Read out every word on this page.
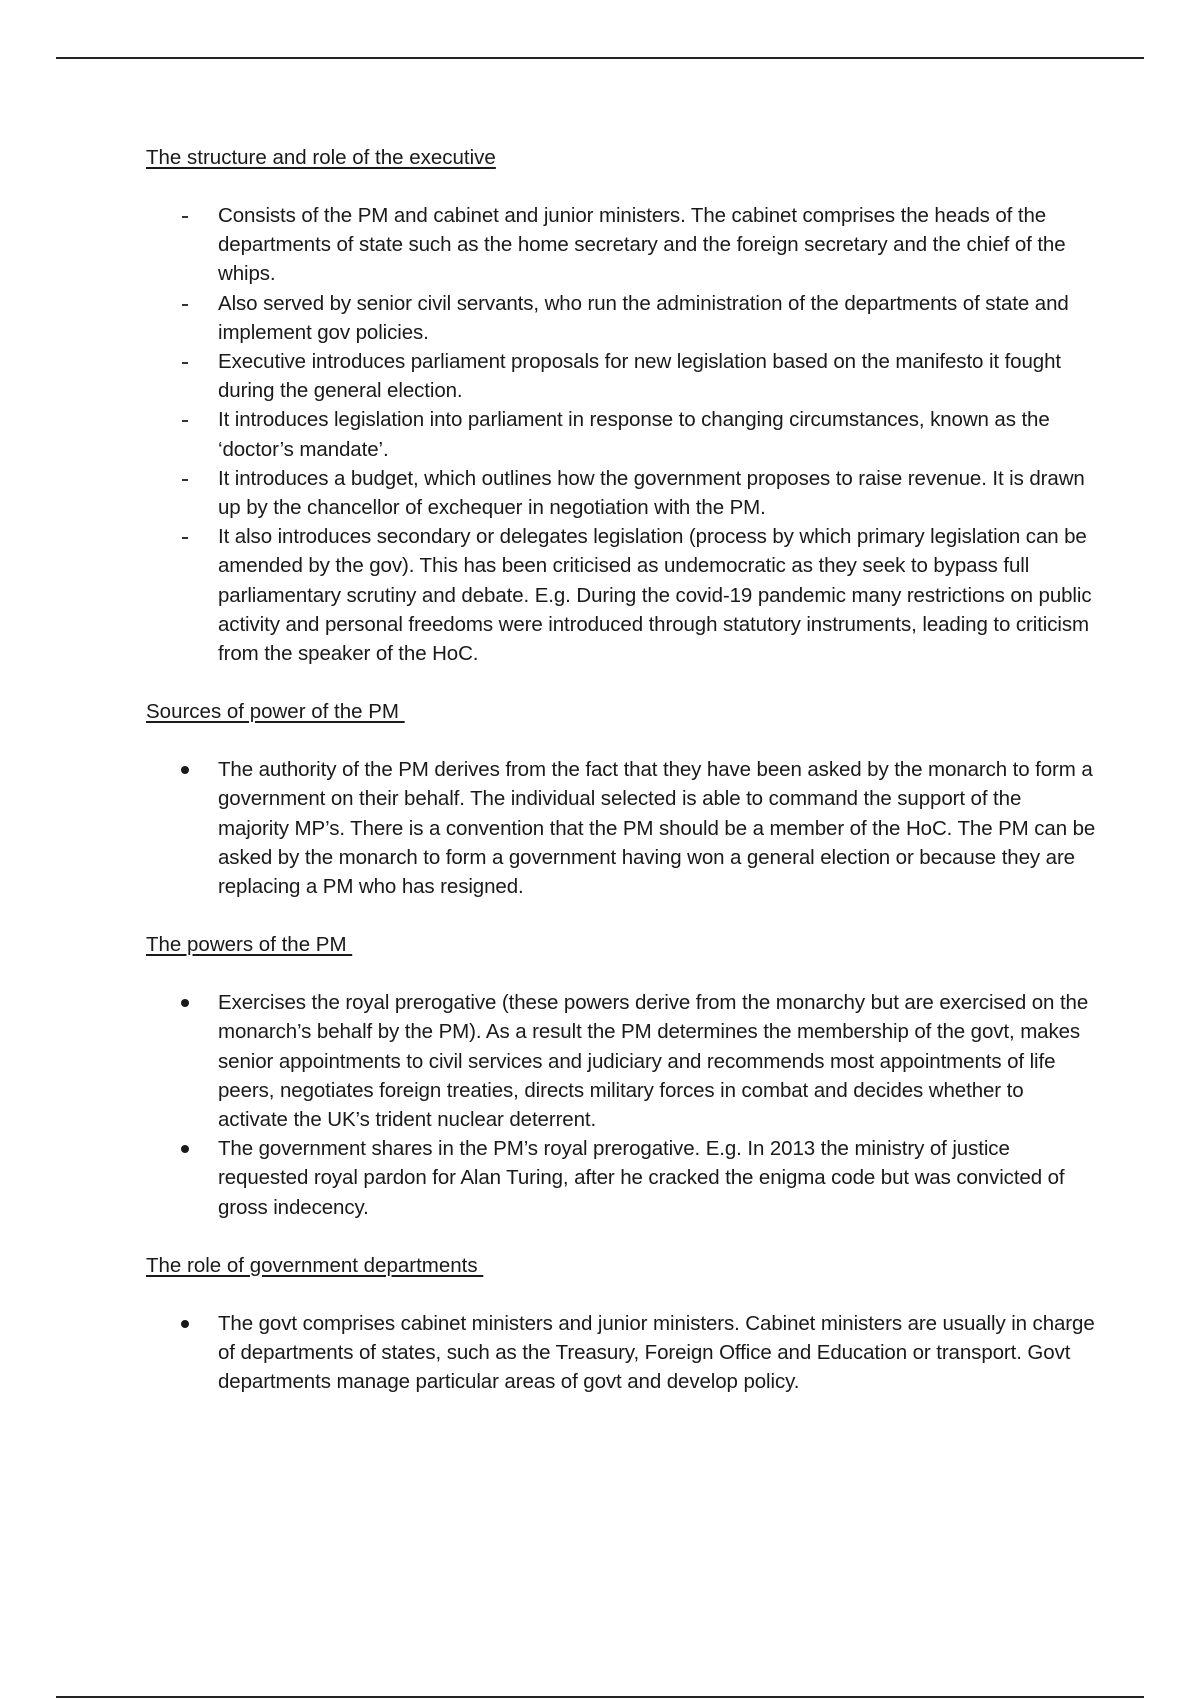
The structure and role of the executive
Consists of the PM and cabinet and junior ministers. The cabinet comprises the heads of the departments of state such as the home secretary and the foreign secretary and the chief of the whips.
Also served by senior civil servants, who run the administration of the departments of state and implement gov policies.
Executive introduces parliament proposals for new legislation based on the manifesto it fought during the general election.
It introduces legislation into parliament in response to changing circumstances, known as the ‘doctor’s mandate’.
It introduces a budget, which outlines how the government proposes to raise revenue. It is drawn up by the chancellor of exchequer in negotiation with the PM.
It also introduces secondary or delegates legislation (process by which primary legislation can be amended by the gov). This has been criticised as undemocratic as they seek to bypass full parliamentary scrutiny and debate. E.g. During the covid-19 pandemic many restrictions on public activity and personal freedoms were introduced through statutory instruments, leading to criticism from the speaker of the HoC.
Sources of power of the PM
The authority of the PM derives from the fact that they have been asked by the monarch to form a government on their behalf. The individual selected is able to command the support of the majority MP’s. There is a convention that the PM should be a member of the HoC. The PM can be asked by the monarch to form a government having won a general election or because they are replacing a PM who has resigned.
The powers of the PM
Exercises the royal prerogative (these powers derive from the monarchy but are exercised on the monarch’s behalf by the PM). As a result the PM determines the membership of the govt, makes senior appointments to civil services and judiciary and recommends most appointments of life peers, negotiates foreign treaties, directs military forces in combat and decides whether to activate the UK’s trident nuclear deterrent.
The government shares in the PM’s royal prerogative. E.g. In 2013 the ministry of justice requested royal pardon for Alan Turing, after he cracked the enigma code but was convicted of gross indecency.
The role of government departments
The govt comprises cabinet ministers and junior ministers. Cabinet ministers are usually in charge of departments of states, such as the Treasury, Foreign Office and Education or transport. Govt departments manage particular areas of govt and develop policy.
